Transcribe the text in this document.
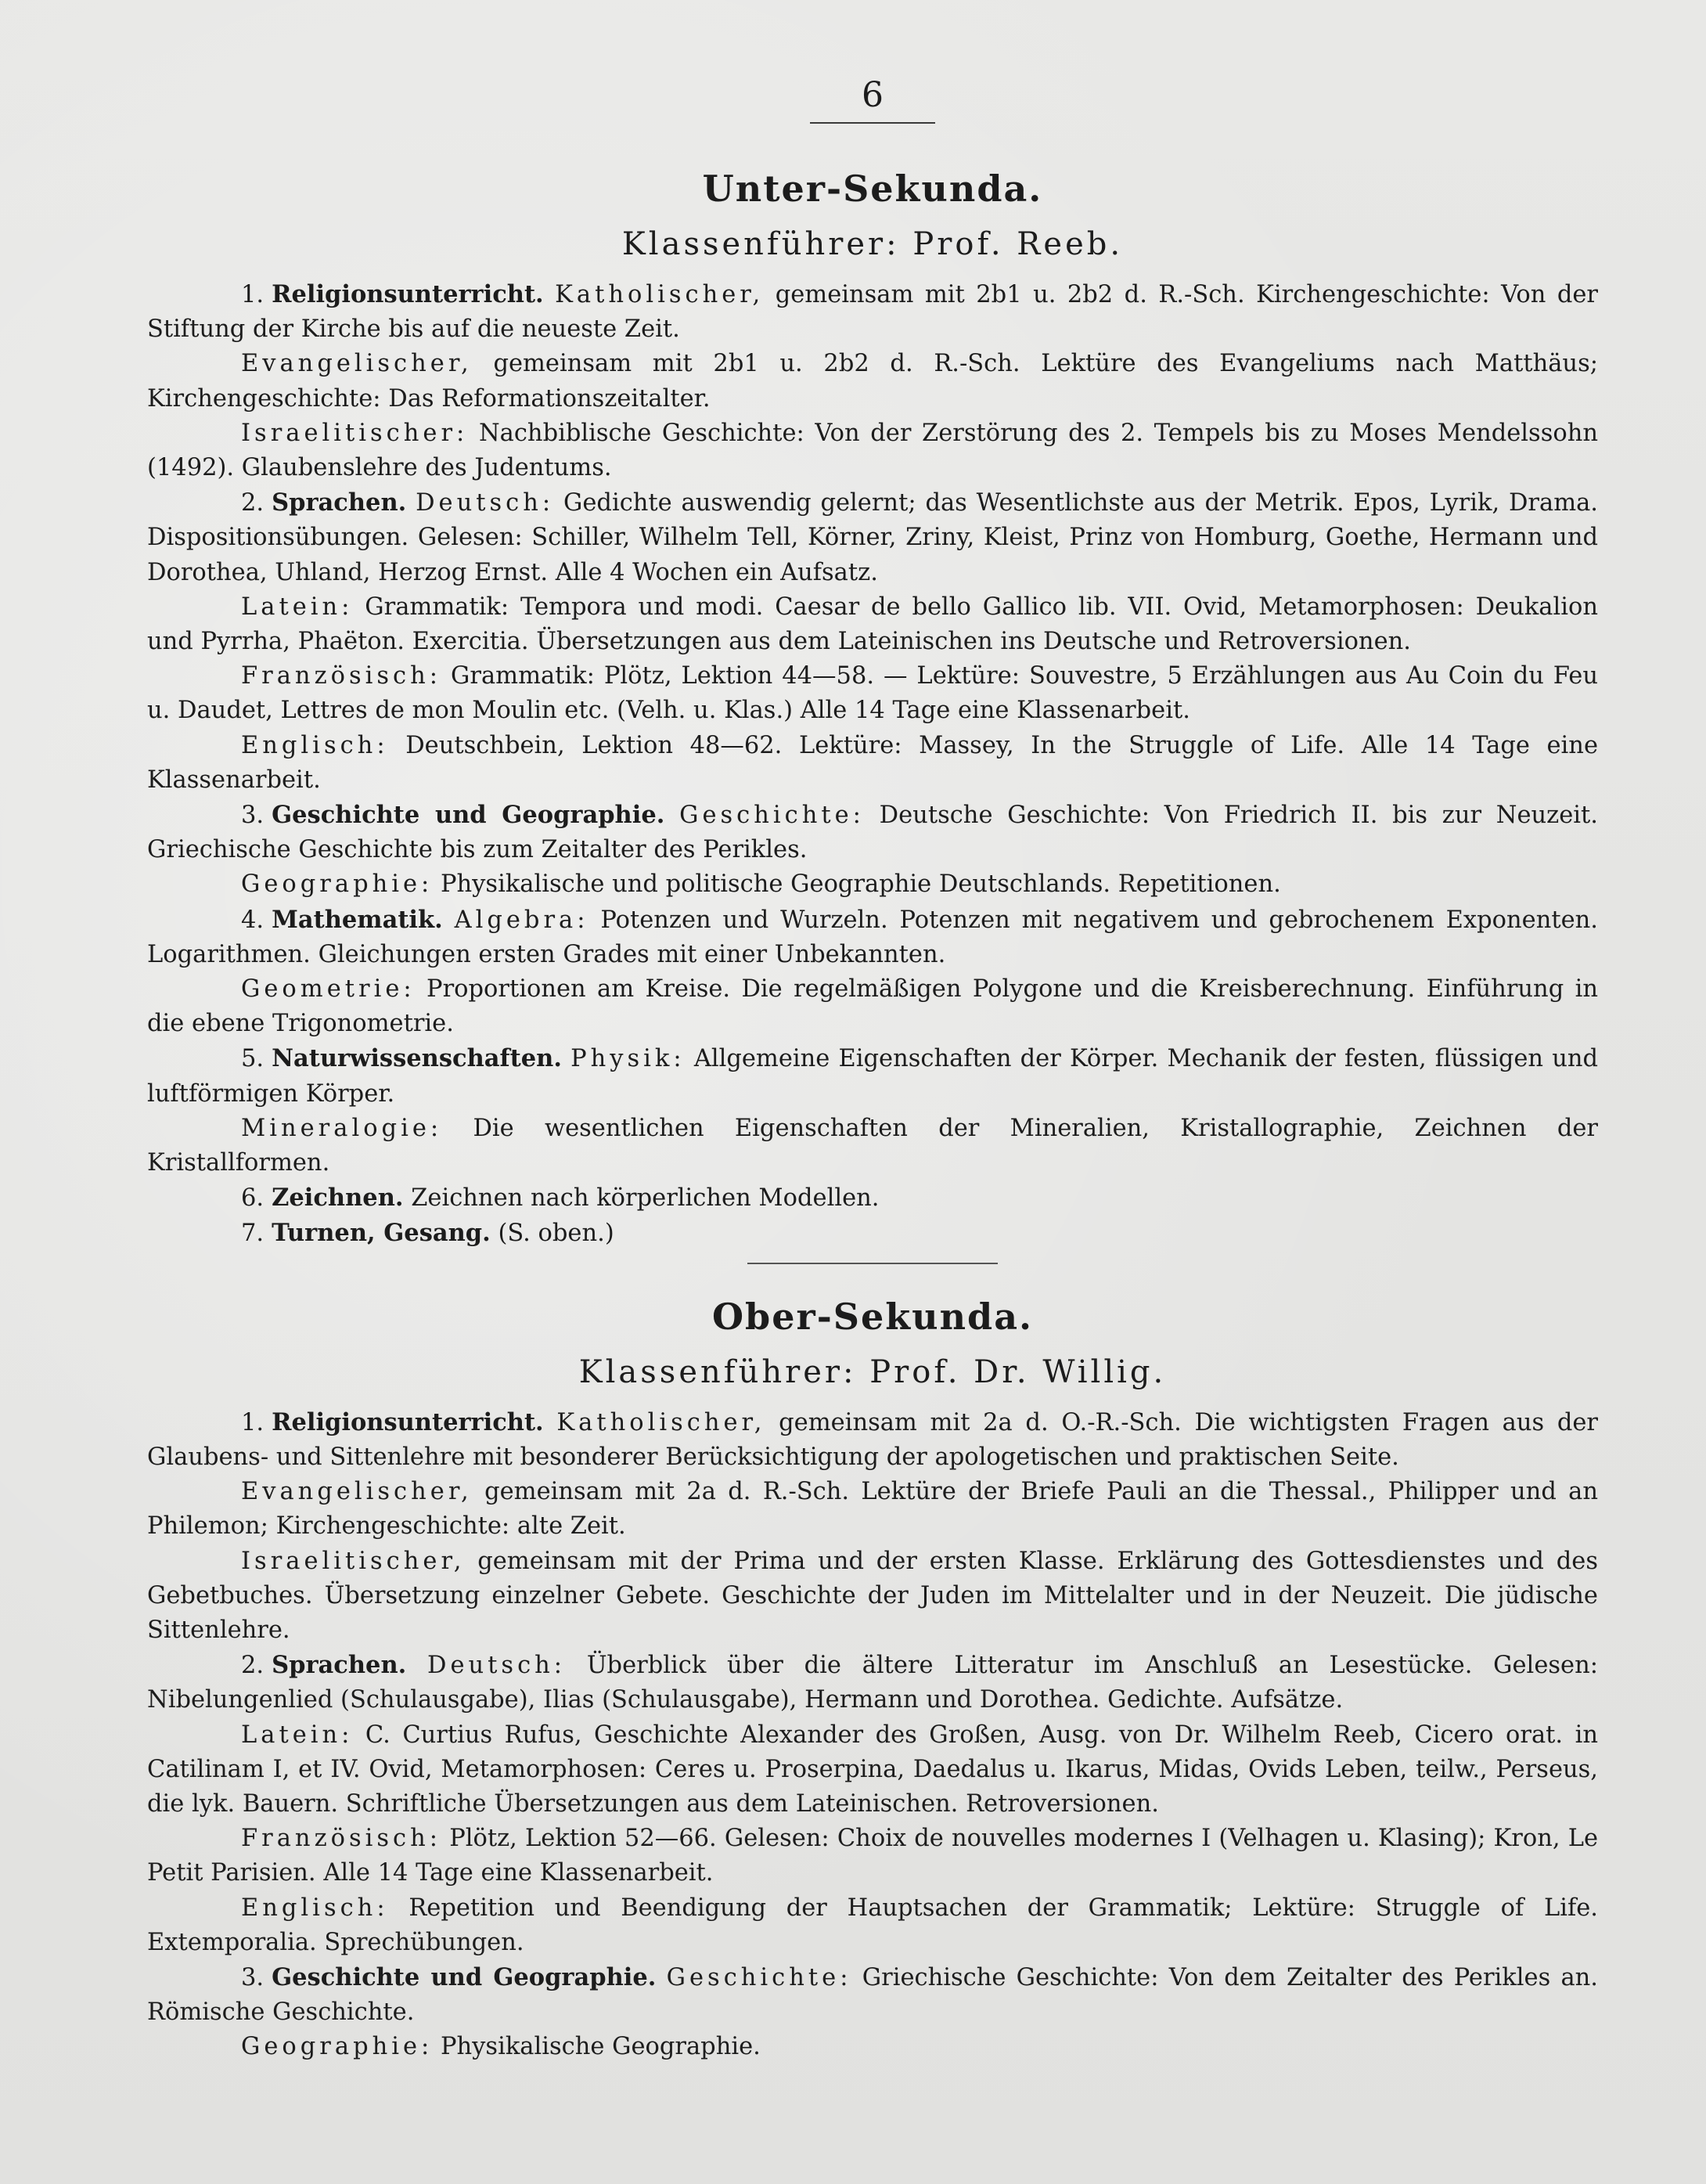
6
Unter-Sekunda.
Klassenführer: Prof. Reeb.

1. Religionsunterricht. Katholischer, gemeinsam mit 2b1 u. 2b2 d. R.-Sch. Kirchengeschichte: Von der Stiftung der Kirche bis auf die neueste Zeit.

Evangelischer, gemeinsam mit 2b1 u. 2b2 d. R.-Sch. Lektüre des Evangeliums nach Matthäus; Kirchengeschichte: Das Reformationszeitalter.

Israelitischer: Nachbiblische Geschichte: Von der Zerstörung des 2. Tempels bis zu Moses Mendelssohn (1492). Glaubenslehre des Judentums.

2. Sprachen. Deutsch: Gedichte auswendig gelernt; das Wesentlichste aus der Metrik. Epos, Lyrik, Drama. Dispositionsübungen. Gelesen: Schiller, Wilhelm Tell, Körner, Zriny, Kleist, Prinz von Homburg, Goethe, Hermann und Dorothea, Uhland, Herzog Ernst. Alle 4 Wochen ein Aufsatz.

Latein: Grammatik: Tempora und modi. Caesar de bello Gallico lib. VII. Ovid, Metamorphosen: Deukalion und Pyrrha, Phaëton. Exercitia. Übersetzungen aus dem Lateinischen ins Deutsche und Retroversionen.

Französisch: Grammatik: Plötz, Lektion 44—58. — Lektüre: Souvestre, 5 Erzählungen aus Au Coin du Feu u. Daudet, Lettres de mon Moulin etc. (Velh. u. Klas.) Alle 14 Tage eine Klassenarbeit.

Englisch: Deutschbein, Lektion 48—62. Lektüre: Massey, In the Struggle of Life. Alle 14 Tage eine Klassenarbeit.

3. Geschichte und Geographie. Geschichte: Deutsche Geschichte: Von Friedrich II. bis zur Neuzeit. Griechische Geschichte bis zum Zeitalter des Perikles.

Geographie: Physikalische und politische Geographie Deutschlands. Repetitionen.

4. Mathematik. Algebra: Potenzen und Wurzeln. Potenzen mit negativem und gebrochenem Exponenten. Logarithmen. Gleichungen ersten Grades mit einer Unbekannten.

Geometrie: Proportionen am Kreise. Die regelmäßigen Polygone und die Kreisberechnung. Einführung in die ebene Trigonometrie.

5. Naturwissenschaften. Physik: Allgemeine Eigenschaften der Körper. Mechanik der festen, flüssigen und luftförmigen Körper.

Mineralogie: Die wesentlichen Eigenschaften der Mineralien, Kristallographie, Zeichnen der Kristallformen.

6. Zeichnen. Zeichnen nach körperlichen Modellen.

7. Turnen, Gesang. (S. oben.)

Ober-Sekunda.
Klassenführer: Prof. Dr. Willig.

1. Religionsunterricht. Katholischer, gemeinsam mit 2a d. O.-R.-Sch. Die wichtigsten Fragen aus der Glaubens- und Sittenlehre mit besonderer Berücksichtigung der apologetischen und praktischen Seite.

Evangelischer, gemeinsam mit 2a d. R.-Sch. Lektüre der Briefe Pauli an die Thessal., Philipper und an Philemon; Kirchengeschichte: alte Zeit.

Israelitischer, gemeinsam mit der Prima und der ersten Klasse. Erklärung des Gottesdienstes und des Gebetbuches. Übersetzung einzelner Gebete. Geschichte der Juden im Mittelalter und in der Neuzeit. Die jüdische Sittenlehre.

2. Sprachen. Deutsch: Überblick über die ältere Litteratur im Anschluß an Lesestücke. Gelesen: Nibelungenlied (Schulausgabe), Ilias (Schulausgabe), Hermann und Dorothea. Gedichte. Aufsätze.

Latein: C. Curtius Rufus, Geschichte Alexander des Großen, Ausg. von Dr. Wilhelm Reeb, Cicero orat. in Catilinam I, et IV. Ovid, Metamorphosen: Ceres u. Proserpina, Daedalus u. Ikarus, Midas, Ovids Leben, teilw., Perseus, die lyk. Bauern. Schriftliche Übersetzungen aus dem Lateinischen. Retroversionen.

Französisch: Plötz, Lektion 52—66. Gelesen: Choix de nouvelles modernes I (Velhagen u. Klasing); Kron, Le Petit Parisien. Alle 14 Tage eine Klassenarbeit.

Englisch: Repetition und Beendigung der Hauptsachen der Grammatik; Lektüre: Struggle of Life. Extemporalia. Sprechübungen.

3. Geschichte und Geographie. Geschichte: Griechische Geschichte: Von dem Zeitalter des Perikles an. Römische Geschichte.

Geographie: Physikalische Geographie.
